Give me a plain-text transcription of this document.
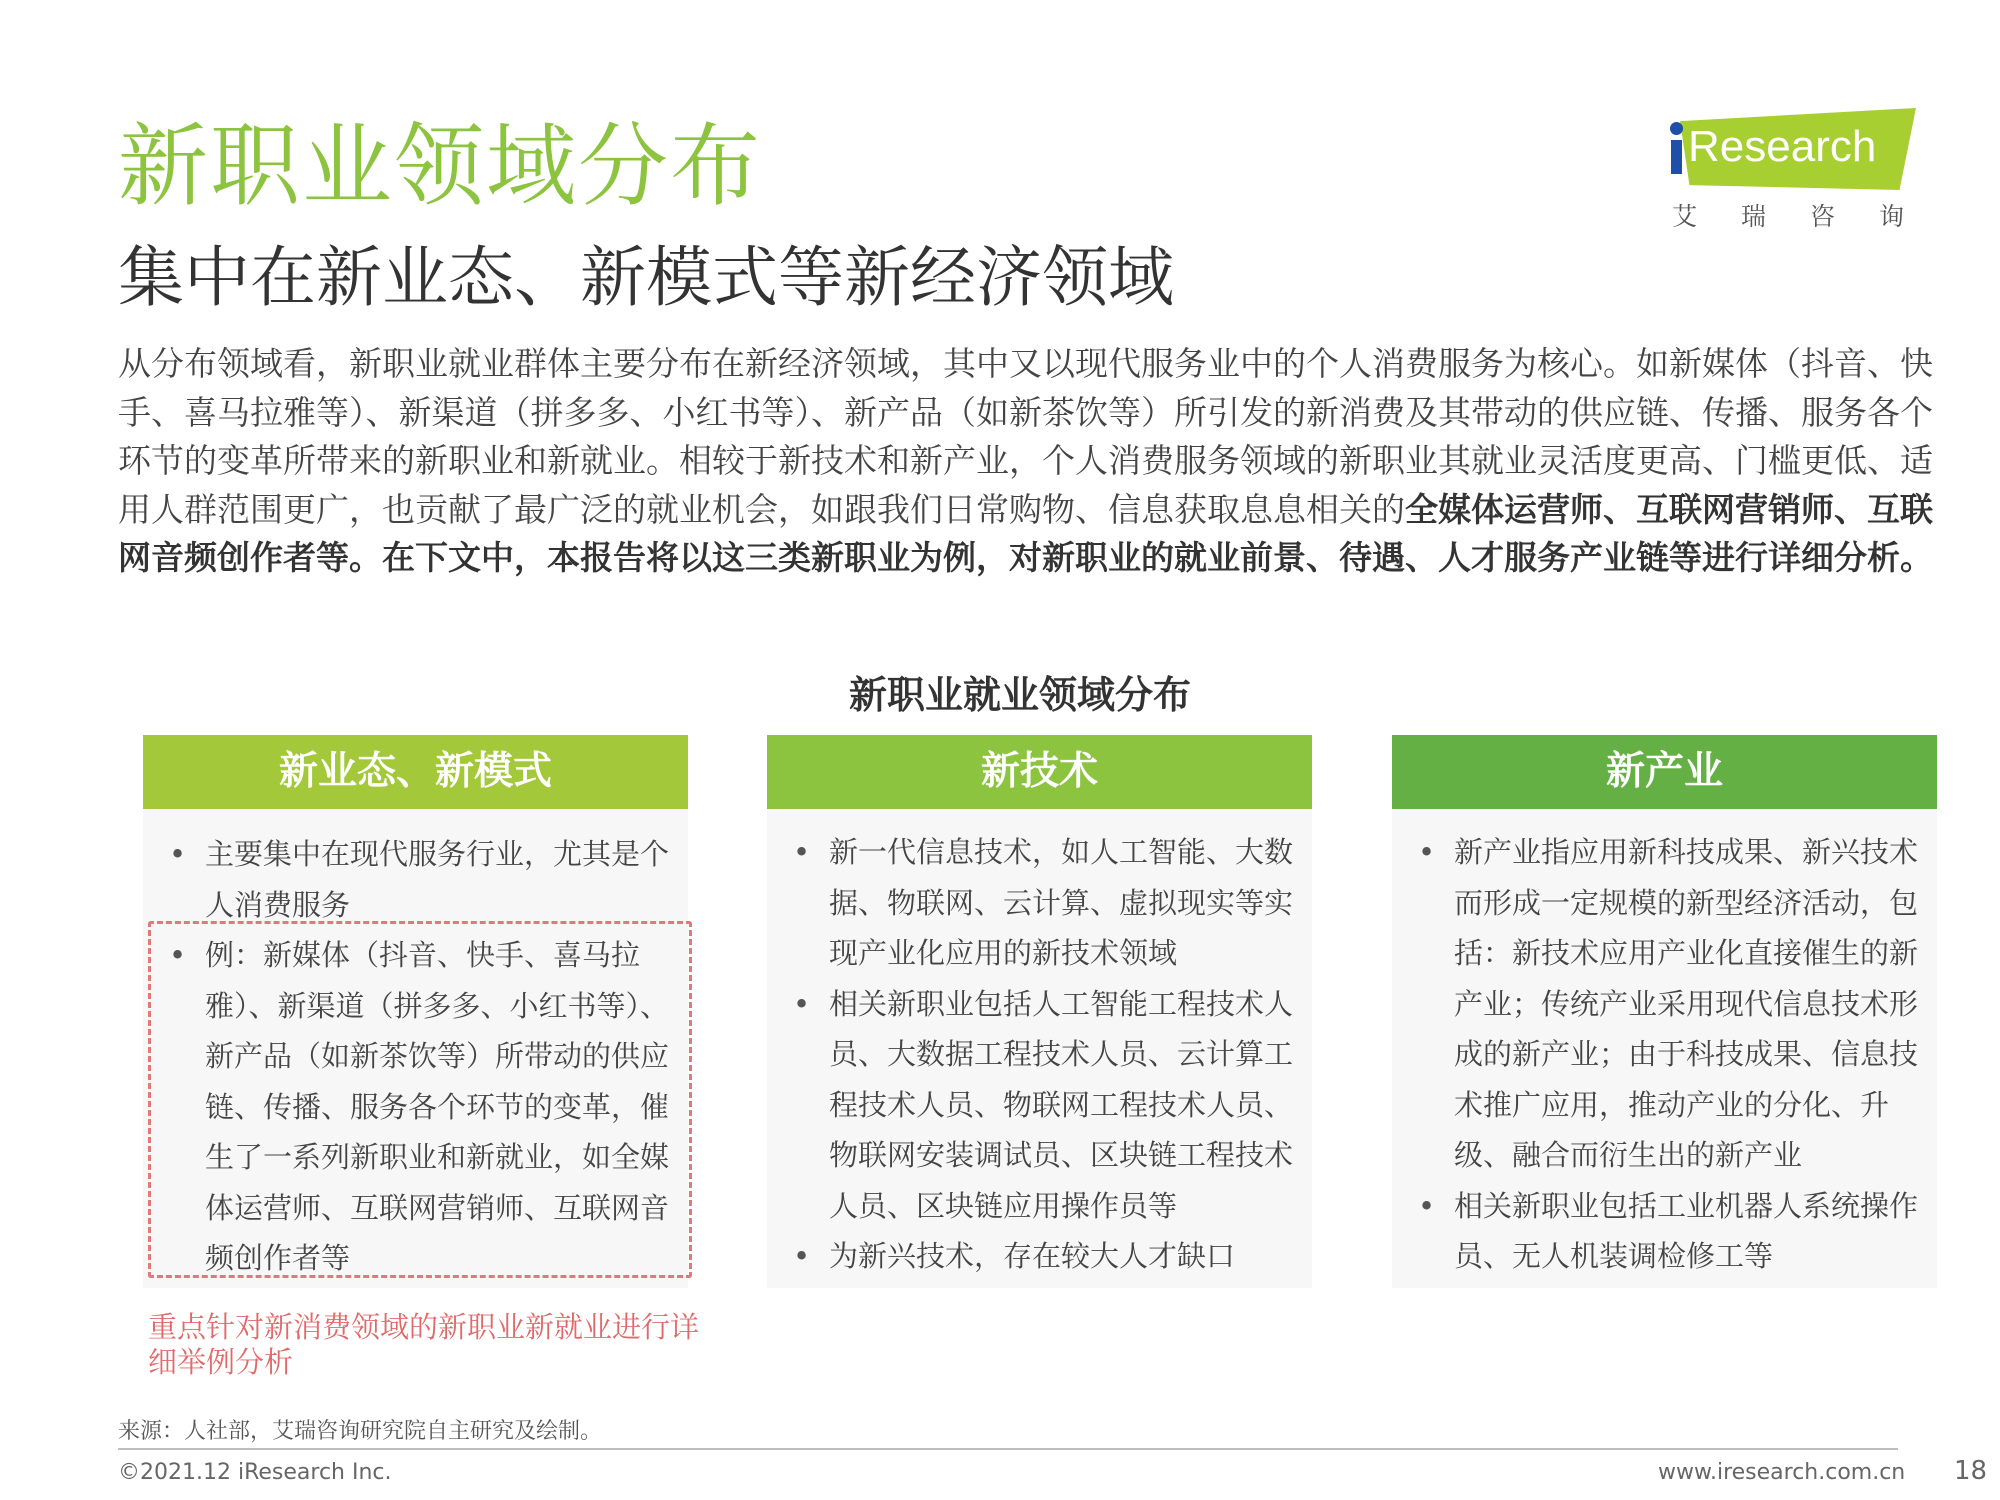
新职业领域分布
集中在新业态、新模式等新经济领域
Research
艾瑞咨询
从分布领域看，新职业就业群体主要分布在新经济领域，其中又以现代服务业中的个人消费服务为核心。如新媒体（抖音、快手、喜马拉雅等）、新渠道（拼多多、小红书等）、新产品（如新茶饮等）所引发的新消费及其带动的供应链、传播、服务各个环节的变革所带来的新职业和新就业。相较于新技术和新产业，个人消费服务领域的新职业其就业灵活度更高、门槛更低、适用人群范围更广，也贡献了最广泛的就业机会，如跟我们日常购物、信息获取息息相关的全媒体运营师、互联网营销师、互联网音频创作者等。在下文中，本报告将以这三类新职业为例，对新职业的就业前景、待遇、人才服务产业链等进行详细分析。
新职业就业领域分布
新业态、新模式
• 主要集中在现代服务行业，尤其是个人消费服务
• 例：新媒体（抖音、快手、喜马拉雅）、新渠道（拼多多、小红书等）、新产品（如新茶饮等）所带动的供应链、传播、服务各个环节的变革，催生了一系列新职业和新就业，如全媒体运营师、互联网营销师、互联网音频创作者等
新技术
• 新一代信息技术，如人工智能、大数据、物联网、云计算、虚拟现实等实现产业化应用的新技术领域
• 相关新职业包括人工智能工程技术人员、大数据工程技术人员、云计算工程技术人员、物联网工程技术人员、物联网安装调试员、区块链工程技术人员、区块链应用操作员等
• 为新兴技术，存在较大人才缺口
新产业
• 新产业指应用新科技成果、新兴技术而形成一定规模的新型经济活动，包括：新技术应用产业化直接催生的新产业；传统产业采用现代信息技术形成的新产业；由于科技成果、信息技术推广应用，推动产业的分化、升级、融合而衍生出的新产业
• 相关新职业包括工业机器人系统操作员、无人机装调检修工等
重点针对新消费领域的新职业新就业进行详细举例分析
来源：人社部，艾瑞咨询研究院自主研究及绘制。
©2021.12 iResearch Inc.	www.iresearch.com.cn 18
